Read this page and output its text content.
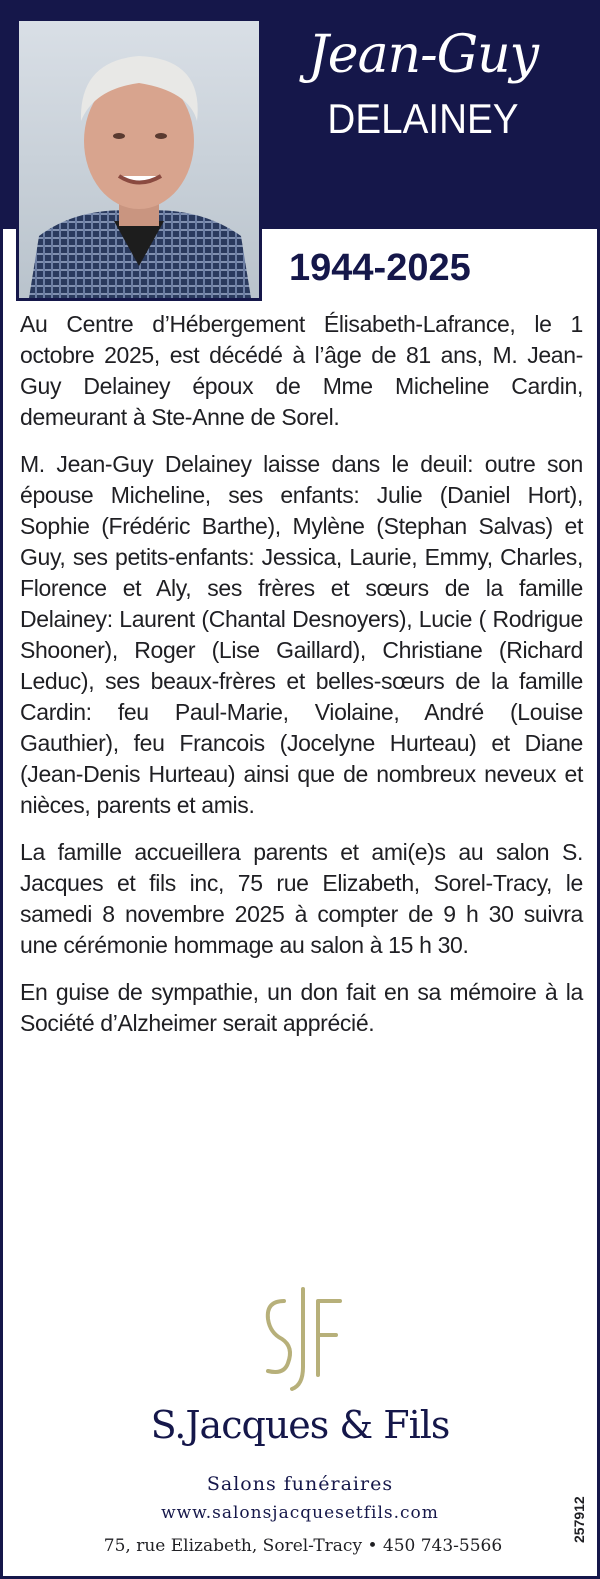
Jean-Guy
DELAINEY
1944-2025

Au Centre d’Hébergement Élisabeth-Lafrance, le 1 octobre 2025, est décédé à l’âge de 81 ans, M. Jean-Guy Delainey époux de Mme Micheline Cardin, demeurant à Ste-Anne de Sorel.

M. Jean-Guy Delainey laisse dans le deuil: outre son épouse Micheline, ses enfants: Julie (Daniel Hort), Sophie (Frédéric Barthe), Mylène (Stephan Salvas) et Guy, ses petits-enfants: Jessica, Laurie, Emmy, Charles, Florence et Aly, ses frères et sœurs de la famille Delainey: Laurent (Chantal Desnoyers), Lucie ( Rodrigue Shooner), Roger (Lise Gaillard), Christiane (Richard Leduc), ses beaux-frères et belles-sœurs de la famille Cardin: feu Paul-Marie, Violaine, André (Louise Gauthier), feu Francois (Jocelyne Hurteau) et Diane (Jean-Denis Hurteau) ainsi que de nombreux neveux et nièces, parents et amis.

La famille accueillera parents et ami(e)s au salon S. Jacques et fils inc, 75 rue Elizabeth, Sorel-Tracy, le samedi 8 novembre 2025 à compter de 9 h 30 suivra une cérémonie hommage au salon à 15 h 30.

En guise de sympathie, un don fait en sa mémoire à la Société d’Alzheimer serait apprécié.

S.Jacques & Fils
Salons funéraires
www.salonsjacquesetfils.com
75, rue Elizabeth, Sorel-Tracy • 450 743-5566
257912
